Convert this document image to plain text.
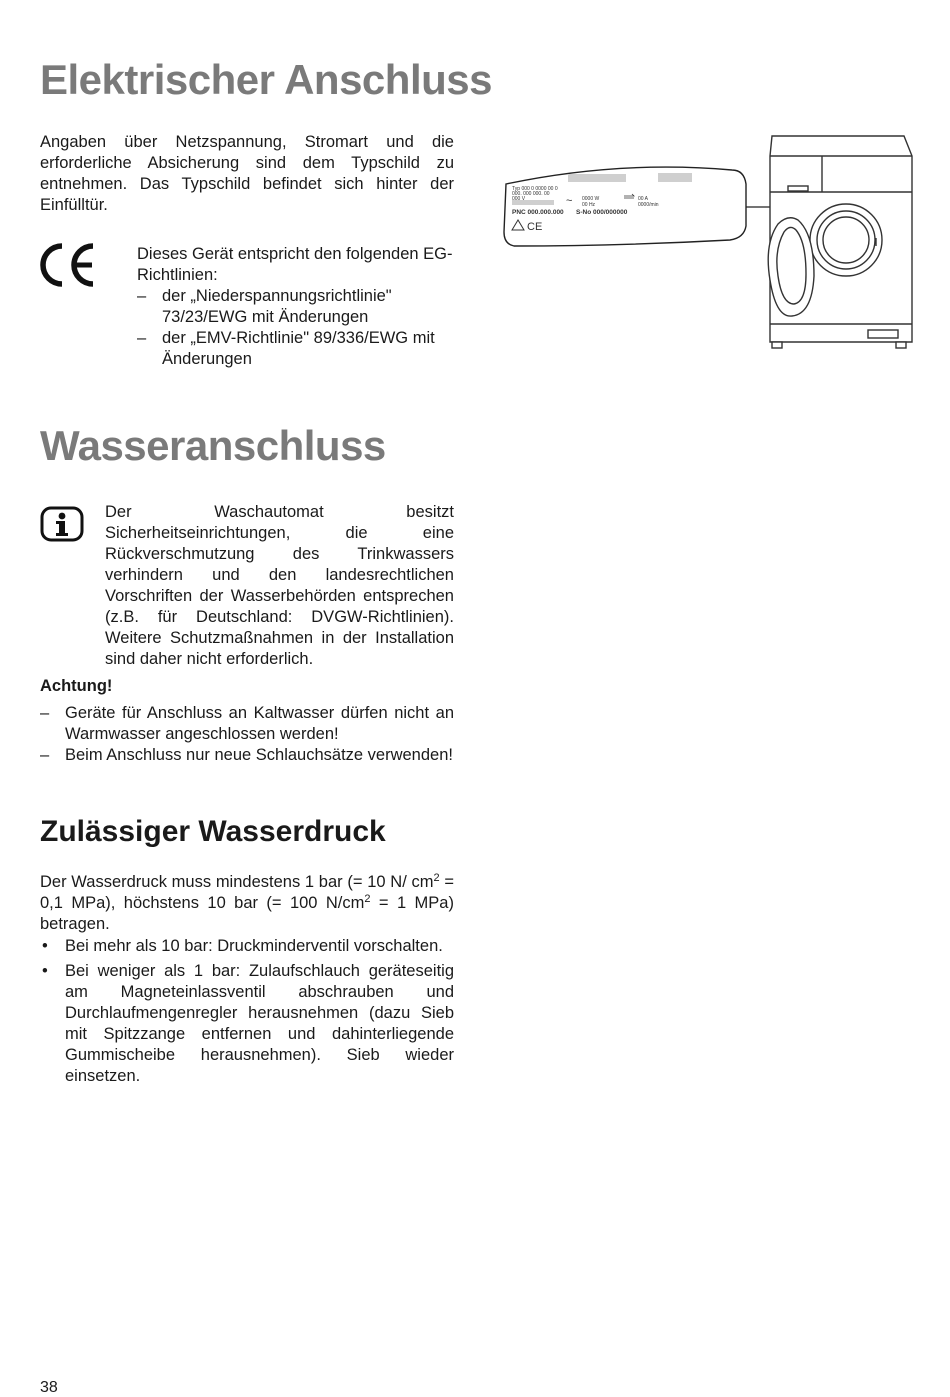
Elektrischer Anschluss

Angaben über Netzspannung, Stromart und die erforderliche Absicherung sind dem Typschild zu entnehmen. Das Typschild befindet sich hinter der Einfülltür.

Dieses Gerät entspricht den folgenden EG-Richtlinien:

– der „Niederspannungsrichtlinie" 73/23/EWG mit Änderungen
– der „EMV-Richtlinie" 89/336/EWG mit Änderungen
Typ 000 0 0000 00 0
000. 000 000. 00
000 V	~ 0000 W
00 Hz
00 A
0000/min
PNC 000.000.000 S-No 000/000000
CE
Wasseranschluss

Der Waschautomat besitzt Sicherheitseinrichtungen, die eine Rückverschmutzung des Trinkwassers verhindern und den landesrechtlichen Vorschriften der Wasserbehörden entsprechen (z.B. für Deutschland: DVGW-Richtlinien). Weitere Schutzmaßnahmen in der Installation sind daher nicht erforderlich.

Achtung!
– Geräte für Anschluss an Kaltwasser dürfen nicht an Warmwasser angeschlossen werden!
– Beim Anschluss nur neue Schlauchsätze verwenden!
Zulässiger Wasserdruck

Der Wasserdruck muss mindestens 1 bar (= 10 N/ $cm^2 = 0,1$ MPa), höchstens 10 bar (= 100 $N/cm^2 = 1$ MPa) betragen.

• Bei mehr als 10 bar: Druckminderventil vorschalten.
• Bei weniger als 1 bar: Zulaufschlauch geräteseitig am Magneteinlassventil abschrauben und Durchlaufmengenregler herausnehmen (dazu Sieb mit Spitzzange entfernen und dahinterliegende Gummischeibe herausnehmen). Sieb wieder einsetzen.
38
